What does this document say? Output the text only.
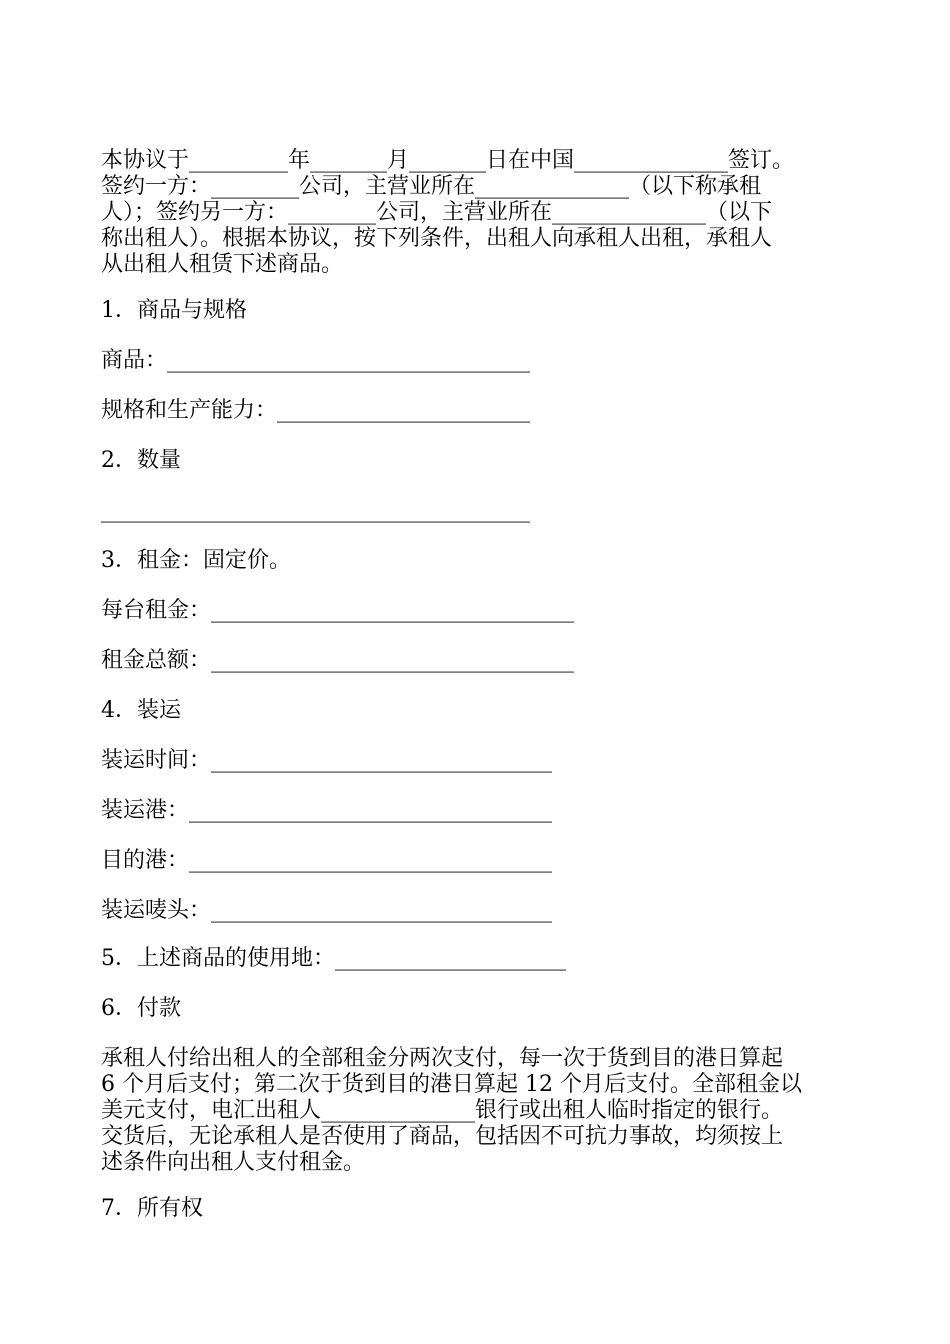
本协议于_________年_______月_______日在中国______________签订。
签约一方：________公司，主营业所在______________（以下称承租
人）；签约另一方：________公司，主营业所在______________（以下
称出租人）。根据本协议，按下列条件，出租人向承租人出租，承租人
从出租人租赁下述商品。
1．商品与规格
商品：_________________________________
规格和生产能力：_______________________
2．数量
_______________________________________
3．租金：固定价。
每台租金：_________________________________
租金总额：_________________________________
4．装运
装运时间：_______________________________
装运港：_________________________________
目的港：_________________________________
装运唛头：_______________________________
5．上述商品的使用地：_____________________
6．付款
承租人付给出租人的全部租金分两次支付，每一次于货到目的港日算起
6 个月后支付；第二次于货到目的港日算起 12 个月后支付。全部租金以
美元支付，电汇出租人______________银行或出租人临时指定的银行。
交货后，无论承租人是否使用了商品，包括因不可抗力事故，均须按上
述条件向出租人支付租金。
7．所有权
